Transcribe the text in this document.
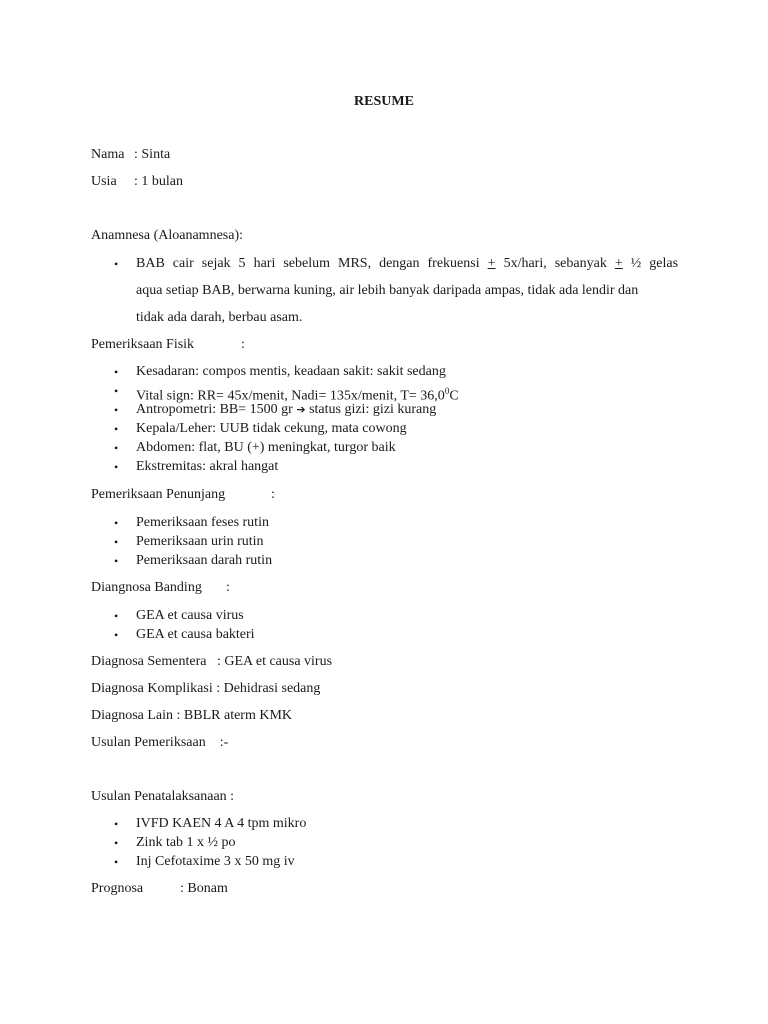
RESUME
Nama : Sinta
Usia : 1 bulan
Anamnesa (Aloanamnesa):
• BAB cair sejak 5 hari sebelum MRS, dengan frekuensi + 5x/hari, sebanyak + ½ gelas
aqua setiap BAB, berwarna kuning, air lebih banyak daripada ampas, tidak ada lendir dan
tidak ada darah, berbau asam.
Pemeriksaan Fisik	:
• Kesadaran: compos mentis, keadaan sakit: sakit sedang
• Vital sign: RR= 45x/menit, Nadi= 135x/menit, $T= 36,0^0C$
• Antropometri: BB= 1500 gr ➔ status gizi: gizi kurang
• Kepala/Leher: UUB tidak cekung, mata cowong
• Abdomen: flat, BU (+) meningkat, turgor baik
• Ekstremitas: akral hangat
Pemeriksaan Penunjang	:
• Pemeriksaan feses rutin
• Pemeriksaan urin rutin
• Pemeriksaan darah rutin
Diangnosa Banding :
• GEA et causa virus
• GEA et causa bakteri
Diagnosa Sementera   : GEA et causa virus
Diagnosa Komplikasi : Dehidrasi sedang
Diagnosa Lain : BBLR aterm KMK
Usulan Pemeriksaan    :-
Usulan Penatalaksanaan :
• IVFD KAEN 4 A 4 tpm mikro
• Zink tab 1 x ½ po
• Inj Cefotaxime 3 x 50 mg iv
Prognosa	: Bonam
